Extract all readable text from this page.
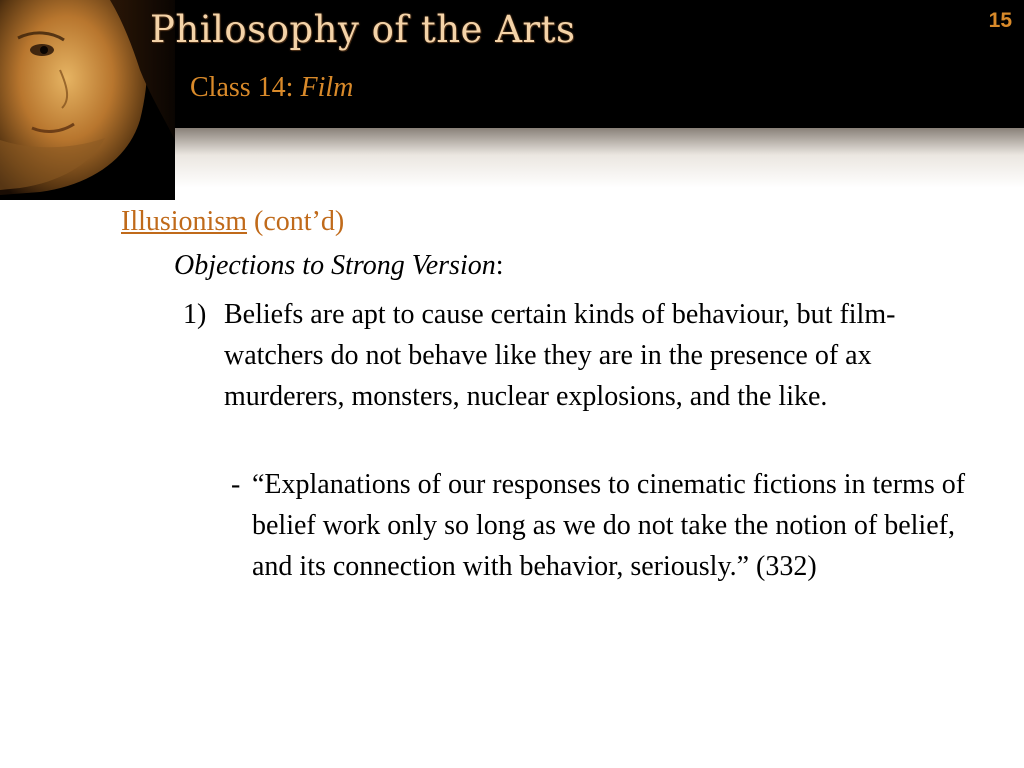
Philosophy of the Arts
Class 14: Film
15
Illusionism (cont’d)
Objections to Strong Version:
1) Beliefs are apt to cause certain kinds of behaviour, but film-watchers do not behave like they are in the presence of ax murderers, monsters, nuclear explosions, and the like.
- “Explanations of our responses to cinematic fictions in terms of belief work only so long as we do not take the notion of belief, and its connection with behavior, seriously.” (332)
